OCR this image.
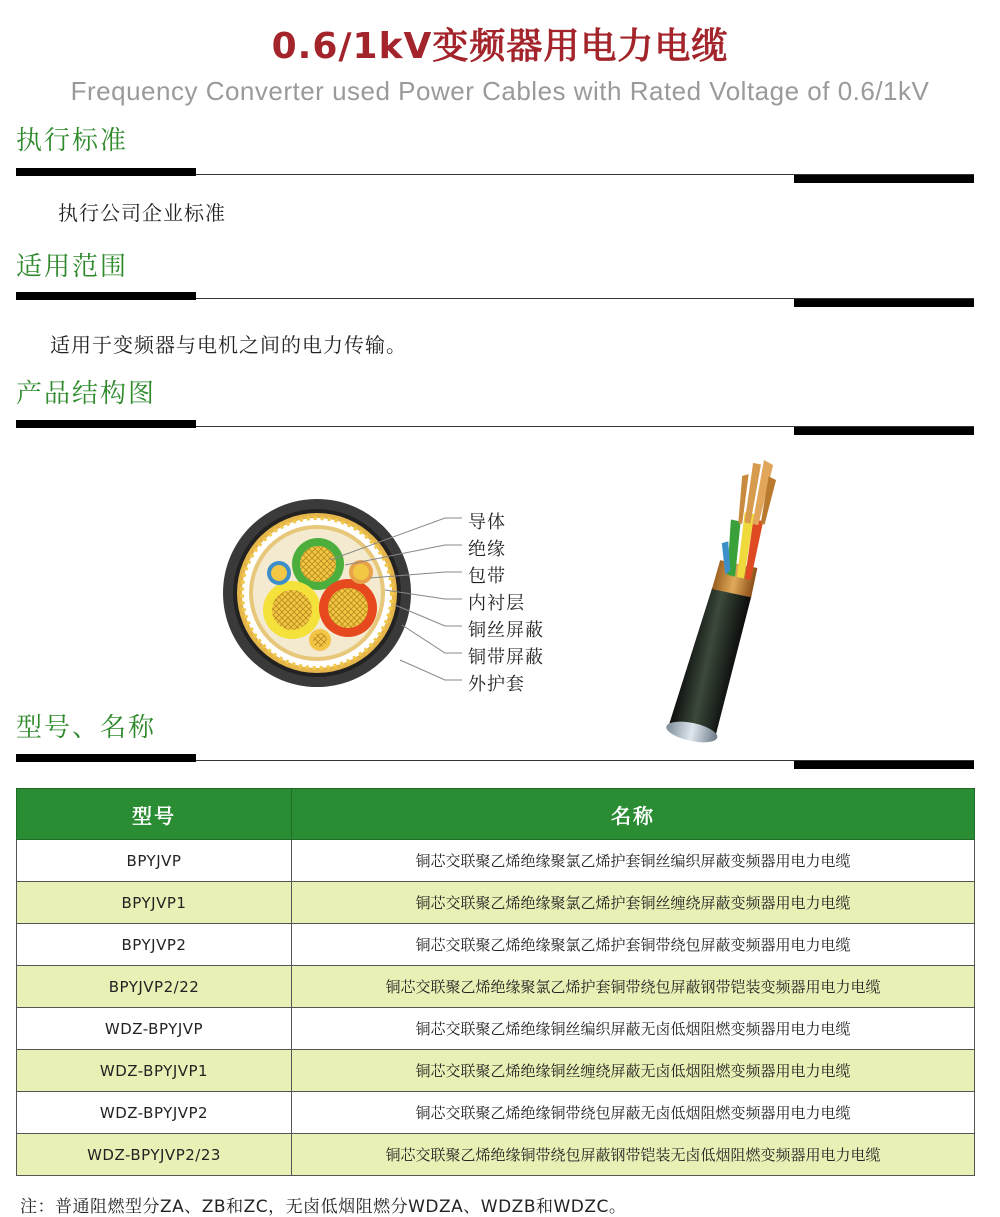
0.6/1kV变频器用电力电缆
Frequency Converter used Power Cables with Rated Voltage of 0.6/1kV
执行标准
执行公司企业标准
适用范围
适用于变频器与电机之间的电力传输。
产品结构图
导体
绝缘
包带
内衬层
铜丝屏蔽
铜带屏蔽
外护套
型号、名称
型号	名称
BPYJVP	铜芯交联聚乙烯绝缘聚氯乙烯护套铜丝编织屏蔽变频器用电力电缆
BPYJVP1	铜芯交联聚乙烯绝缘聚氯乙烯护套铜丝缠绕屏蔽变频器用电力电缆
BPYJVP2	铜芯交联聚乙烯绝缘聚氯乙烯护套铜带绕包屏蔽变频器用电力电缆
BPYJVP2/22	铜芯交联聚乙烯绝缘聚氯乙烯护套铜带绕包屏蔽钢带铠装变频器用电力电缆
WDZ-BPYJVP	铜芯交联聚乙烯绝缘铜丝编织屏蔽无卤低烟阻燃变频器用电力电缆
WDZ-BPYJVP1	铜芯交联聚乙烯绝缘铜丝缠绕屏蔽无卤低烟阻燃变频器用电力电缆
WDZ-BPYJVP2	铜芯交联聚乙烯绝缘铜带绕包屏蔽无卤低烟阻燃变频器用电力电缆
WDZ-BPYJVP2/23	铜芯交联聚乙烯绝缘铜带绕包屏蔽钢带铠装无卤低烟阻燃变频器用电力电缆
注：普通阻燃型分ZA、ZB和ZC，无卤低烟阻燃分WDZA、WDZB和WDZC。
